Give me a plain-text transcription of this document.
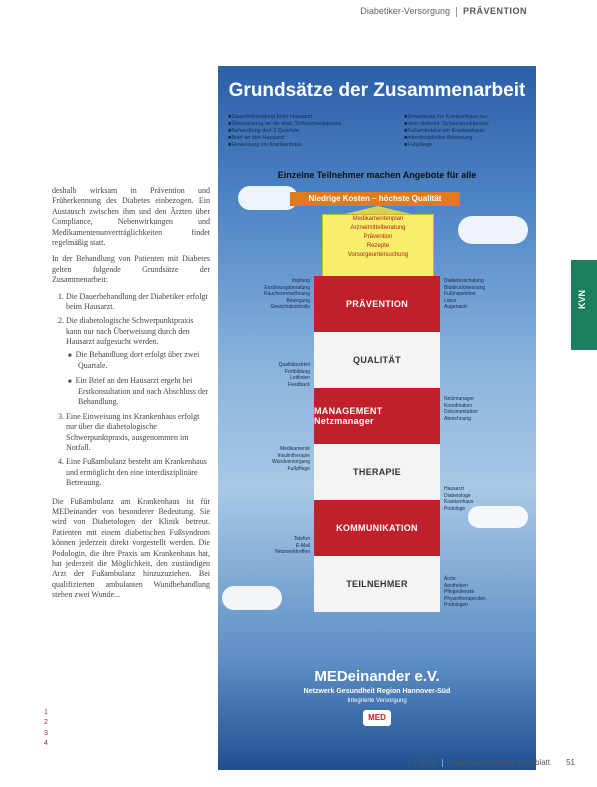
Diabetiker-Versorgung PRÄVENTION
KVN

deshalb wirksam in Prävention und Früherkennung des Diabetes einbezogen. Ein Austausch zwischen ihm und den Ärzten über Compliance, Nebenwirkungen und Medikamentenunverträglichkeiten findet regelmäßig statt.

In der Behandlung von Patienten mit Diabetes gelten folgende Grundsätze der Zusammenarbeit:

1. Die Dauerbehandlung der Diabetiker erfolgt beim Hausarzt.
2. Die diabetologische Schwerpunktpraxis kann nur nach Überweisung durch den Hausarzt aufgesucht werden.
■ Die Behandlung dort erfolgt über zwei Quartale.
■ Ein Brief an den Hausarzt ergeht bei Erstkonsultation und nach Abschluss der Behandlung.
3. Eine Einweisung ins Krankenhaus erfolgt nur über die diabetologische Schwerpunktpraxis, ausgenommen im Notfall.
4. Eine Fußambulanz besteht am Krankenhaus und ermöglicht den eine interdisziplinäre Betreuung.

Die Fußambulanz am Krankenhaus ist für MEDeinander von besonderer Bedeutung. Sie wird von Diabetologen der Klinik betreut. Patienten mit einem diabetischen Fußsyndrom können jederzeit direkt vorgestellt werden. Die Podologin, die ihre Praxis am Krankenhaus hat, hat jederzeit die Möglichkeit, den zuständigen Arzt der Fußambulanz hinzuzuziehen. Bei qualifizierten ambulanten Wundbehandlung stehen zwei Wunde...

1
2
3
4
Grundsätze der Zusammenarbeit
■ Dauerbehandlung beim Hausarzt
■ Überweisung an die diab. Schwerpunktpraxis
■ Behandlung dort 2 Quartale
■ Brief an den Hausarzt
■ Einweisung ins Krankenhaus
■ Einweisung ins Krankenhaus nur
■ über diabetol. Schwerpunktpraxis
■ Fußambulanz am Krankenhaus
■ interdisziplinäre Betreuung
■ Fußpflege
Einzelne Teilnehmer machen Angebote für alle
Niedrige Kosten – höchste Qualität
Medikamentenplan
Arzneimittelberatung
Prävention
Rezepte
Vorsorgeuntersuchung
PRÄVENTION
QUALITÄT
MANAGEMENT Netzmanager
THERAPIE
KOMMUNIKATION
TEILNEHMER
Impfung
Ernährungsberatung
Raucherentwöhnung
Bewegung
Gewichtskontrolle
Diabetesschulung
Blutdruckmessung
Fußinspektion
Labor
Augenarzt
Qualitätszirkel
Fortbildung
Leitlinien
Feedback
Netzmanager
Koordination
Dokumentation
Abrechnung
Medikamente
Insulintherapie
Wundversorgung
Fußpflege
Hausarzt
Diabetologe
Krankenhaus
Podologe
Telefon
E-Mail
Netzwerktreffen
Ärzte
Apotheken
Pflegedienste
Physiotherapeuten
Podologen
MEDeinander e.V.
Netzwerk Gesundheit Region Hannover-Süd
Integrierte Versorgung
MED
1 | 2012 niedersächsisches ärzteblatt 51
